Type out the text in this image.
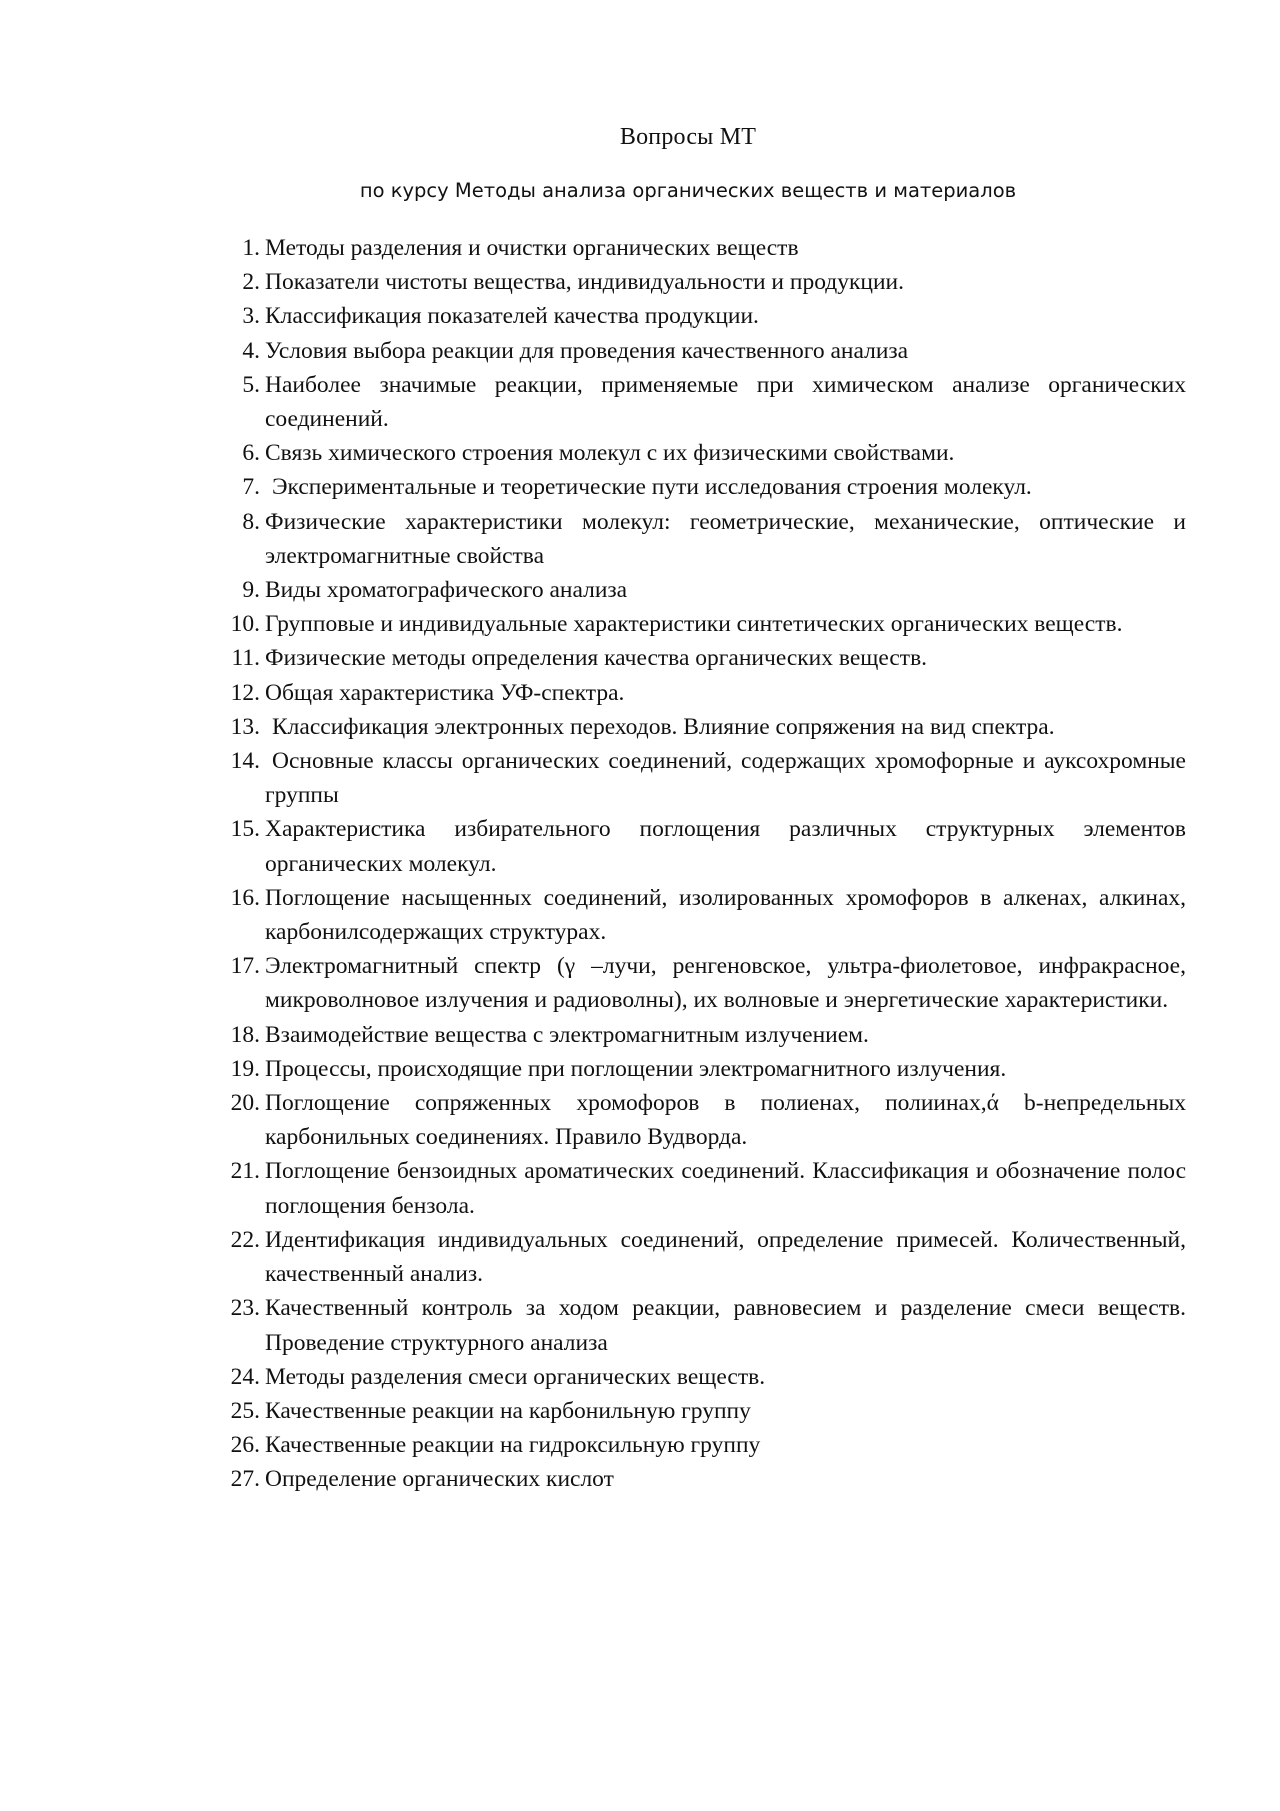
Вопросы МТ
по курсу Методы анализа органических веществ и материалов
1. Методы разделения и очистки органических веществ
2. Показатели чистоты вещества, индивидуальности и продукции.
3. Классификация показателей качества продукции.
4. Условия выбора реакции для проведения качественного анализа
5. Наиболее значимые реакции, применяемые при химическом анализе органических соединений.
6. Связь химического строения молекул с их физическими свойствами.
7. Экспериментальные и теоретические пути исследования строения молекул.
8. Физические характеристики молекул: геометрические, механические, оптические и электромагнитные свойства
9. Виды хроматографического анализа
10. Групповые и индивидуальные характеристики синтетических органических веществ.
11. Физические методы определения качества органических веществ.
12. Общая характеристика УФ-спектра.
13. Классификация электронных переходов. Влияние сопряжения на вид спектра.
14. Основные классы органических соединений, содержащих хромофорные и ауксохромные группы
15. Характеристика избирательного поглощения различных структурных элементов органических молекул.
16. Поглощение насыщенных соединений, изолированных хромофоров в алкенах, алкинах, карбонилсодержащих структурах.
17. Электромагнитный спектр (γ –лучи, ренгеновское, ультра-фиолетовое, инфракрасное, микроволновое излучения и радиоволны), их волновые и энергетические характеристики.
18. Взаимодействие вещества с электромагнитным излучением.
19. Процессы, происходящие при поглощении электромагнитного излучения.
20. Поглощение сопряженных хромофоров в полиенах, полиинах,ά b-непредельных карбонильных соединениях. Правило Вудворда.
21. Поглощение бензоидных ароматических соединений. Классификация и обозначение полос поглощения бензола.
22. Идентификация индивидуальных соединений, определение примесей. Количественный, качественный анализ.
23. Качественный контроль за ходом реакции, равновесием и разделение смеси веществ. Проведение структурного анализа
24. Методы разделения смеси органических веществ.
25. Качественные реакции на карбонильную группу
26. Качественные реакции на гидроксильную группу
27. Определение органических кислот
